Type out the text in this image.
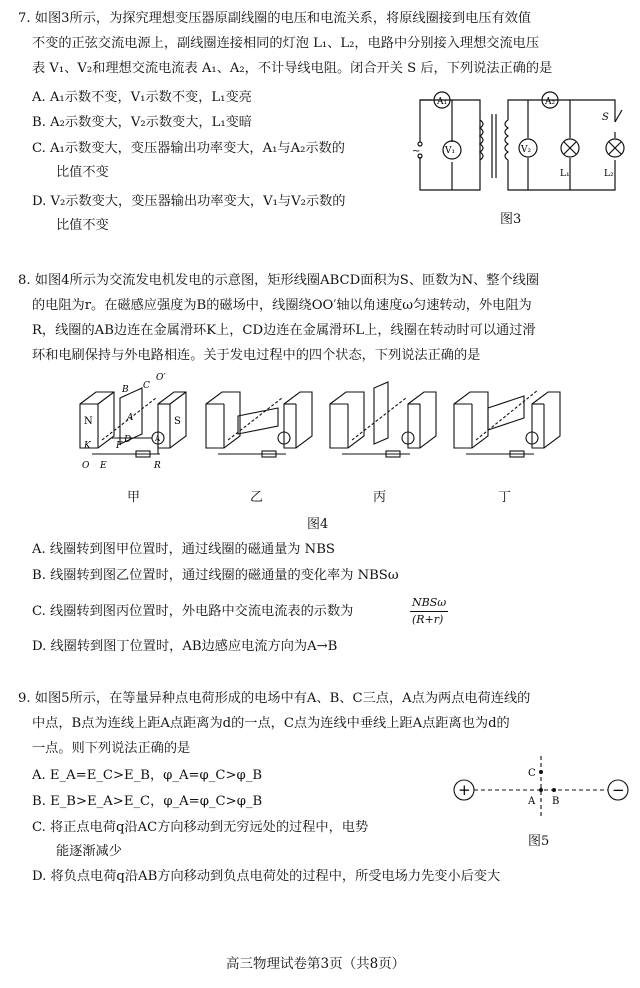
7. 如图3所示，为探究理想变压器原副线圈的电压和电流关系，将原线圈接到电压有效值
不变的正弦交流电源上，副线圈连接相同的灯泡 L₁、L₂，电路中分别接入理想交流电压
表 V₁、V₂和理想交流电流表 A₁、A₂，不计导线电阻。闭合开关 S 后，下列说法正确的是
A. A₁示数不变，V₁示数不变，L₁变亮
B. A₂示数变大，V₂示数变大，L₁变暗
C. A₁示数变大，变压器输出功率变大，A₁与A₂示数的
比值不变
D. V₂示数变大，变压器输出功率变大，V₁与V₂示数的
比值不变
A₁
V₁
A₂
V₂
L₁	L₂
S
~
图3
8. 如图4所示为交流发电机发电的示意图，矩形线圈ABCD面积为S、匝数为N、整个线圈
的电阻为r。在磁感应强度为B的磁场中，线圈绕OO′轴以角速度ω匀速转动，外电阻为
R，线圈的AB边连在金属滑环K上，CD边连在金属滑环L上，线圈在转动时可以通过滑
环和电刷保持与外电路相连。关于发电过程中的四个状态，下列说法正确的是
N	S
B
A
C
D
O′
O
K
E
F
R
A
甲	乙	丙	丁
图4
A. 线圈转到图甲位置时，通过线圈的磁通量为 NBS
B. 线圈转到图乙位置时，通过线圈的磁通量的变化率为 NBSω
C. 线圈转到图丙位置时，外电路中交流电流表的示数为
NBSω
(R+r)
D. 线圈转到图丁位置时，AB边感应电流方向为A→B
9. 如图5所示，在等量异种点电荷形成的电场中有A、B、C三点，A点为两点电荷连线的
中点，B点为连线上距A点距离为d的一点，C点为连线中垂线上距A点距离也为d的
一点。则下列说法正确的是
A. E_A=E_C>E_B，φ_A=φ_C>φ_B
B. E_B>E_A>E_C，φ_A=φ_C>φ_B
C. 将正点电荷q沿AC方向移动到无穷远处的过程中，电势
能逐渐减少
D. 将负点电荷q沿AB方向移动到负点电荷处的过程中，所受电场力先变小后变大
+	−
C
A B
图5
高三物理试卷第3页（共8页）
